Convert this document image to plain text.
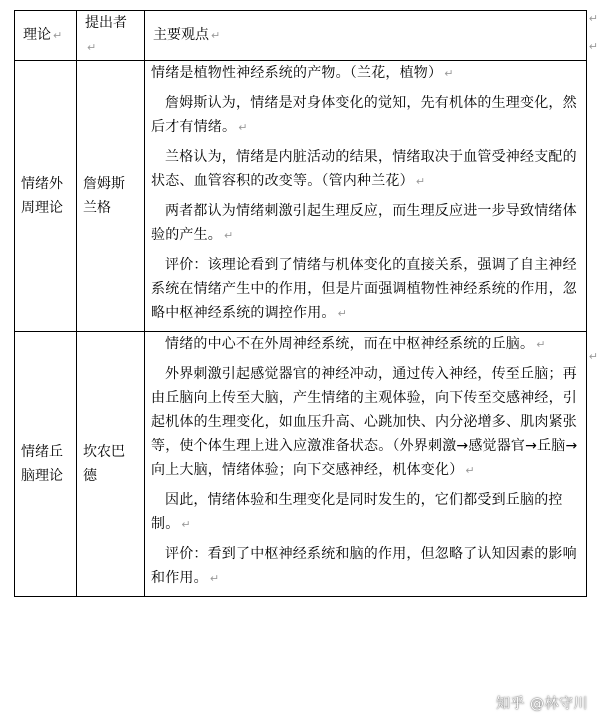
理论 ↵	提出者↵	主要观点 ↵
情绪外周理论	詹姆斯兰格	情绪是植物性神经系统的产物。（兰花，植物） ↵

詹姆斯认为，情绪是对身体变化的觉知，先有机体的生理变化，然后才有情绪。 ↵

兰格认为，情绪是内脏活动的结果，情绪取决于血管受神经支配的状态、血管容积的改变等。（管内种兰花） ↵

两者都认为情绪刺激引起生理反应，而生理反应进一步导致情绪体验的产生。 ↵

评价：该理论看到了情绪与机体变化的直接关系，强调了自主神经系统在情绪产生中的作用，但是片面强调植物性神经系统的作用，忽略中枢神经系统的调控作用。 ↵

情绪丘脑理论	坎农巴德	情绪的中心不在外周神经系统，而在中枢神经系统的丘脑。 ↵

外界刺激引起感觉器官的神经冲动，通过传入神经，传至丘脑；再由丘脑向上传至大脑，产生情绪的主观体验，向下传至交感神经，引起机体的生理变化，如血压升高、心跳加快、内分泌增多、肌肉紧张等，使个体生理上进入应激准备状态。（外界刺激→感觉器官→丘脑→向上大脑，情绪体验；向下交感神经，机体变化） ↵

因此，情绪体验和生理变化是同时发生的，它们都受到丘脑的控制。 ↵

评价：看到了中枢神经系统和脑的作用，但忽略了认知因素的影响和作用。 ↵

↵
↵
↵
知乎 @林守川
